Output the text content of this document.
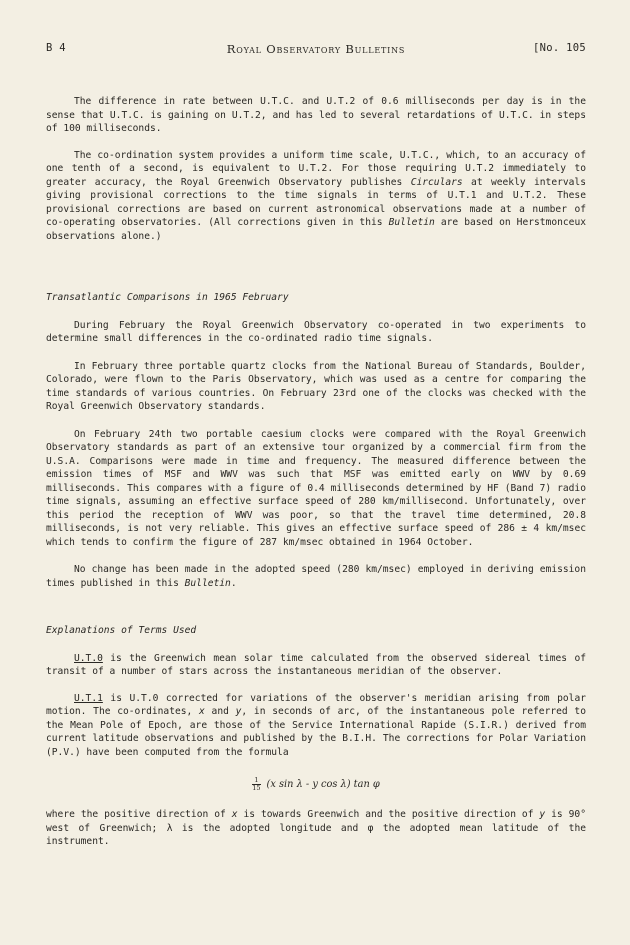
B 4	Royal Observatory Bulletins	[No. 105

The difference in rate between U.T.C. and U.T.2 of 0.6 milliseconds per day is in the sense that U.T.C. is gaining on U.T.2, and has led to several retardations of U.T.C. in steps of 100 milliseconds.

The co-ordination system provides a uniform time scale, U.T.C., which, to an accuracy of one tenth of a second, is equivalent to U.T.2. For those requiring U.T.2 immediately to greater accuracy, the Royal Greenwich Observatory publishes Circulars at weekly intervals giving provisional corrections to the time signals in terms of U.T.1 and U.T.2. These provisional corrections are based on current astronomical observations made at a number of co-operating observatories. (All corrections given in this Bulletin are based on Herstmonceux observations alone.)

Transatlantic Comparisons in 1965 February

During February the Royal Greenwich Observatory co-operated in two experiments to determine small differences in the co-ordinated radio time signals.

In February three portable quartz clocks from the National Bureau of Standards, Boulder, Colorado, were flown to the Paris Observatory, which was used as a centre for comparing the time standards of various countries. On February 23rd one of the clocks was checked with the Royal Greenwich Observatory standards.

On February 24th two portable caesium clocks were compared with the Royal Greenwich Observatory standards as part of an extensive tour organized by a commercial firm from the U.S.A. Comparisons were made in time and frequency. The measured difference between the emission times of MSF and WWV was such that MSF was emitted early on WWV by 0.69 milliseconds. This compares with a figure of 0.4 milliseconds determined by HF (Band 7) radio time signals, assuming an effective surface speed of 280 km/millisecond. Unfortunately, over this period the reception of WWV was poor, so that the travel time determined, 20.8 milliseconds, is not very reliable. This gives an effective surface speed of 286 ± 4 km/msec which tends to confirm the figure of 287 km/msec obtained in 1964 October.

No change has been made in the adopted speed (280 km/msec) employed in deriving emission times published in this Bulletin.

Explanations of Terms Used

U.T.0 is the Greenwich mean solar time calculated from the observed sidereal times of transit of a number of stars across the instantaneous meridian of the observer.

U.T.1 is U.T.0 corrected for variations of the observer's meridian arising from polar motion. The co-ordinates, x and y, in seconds of arc, of the instantaneous pole referred to the Mean Pole of Epoch, are those of the Service International Rapide (S.I.R.) derived from current latitude observations and published by the B.I.H. The corrections for Polar Variation (P.V.) have been computed from the formula

$\frac{1}{15} (x$ sin λ - y cos λ) tan φ

where the positive direction of x is towards Greenwich and the positive direction of y is 90° west of Greenwich; λ is the adopted longitude and φ the adopted mean latitude of the instrument.
